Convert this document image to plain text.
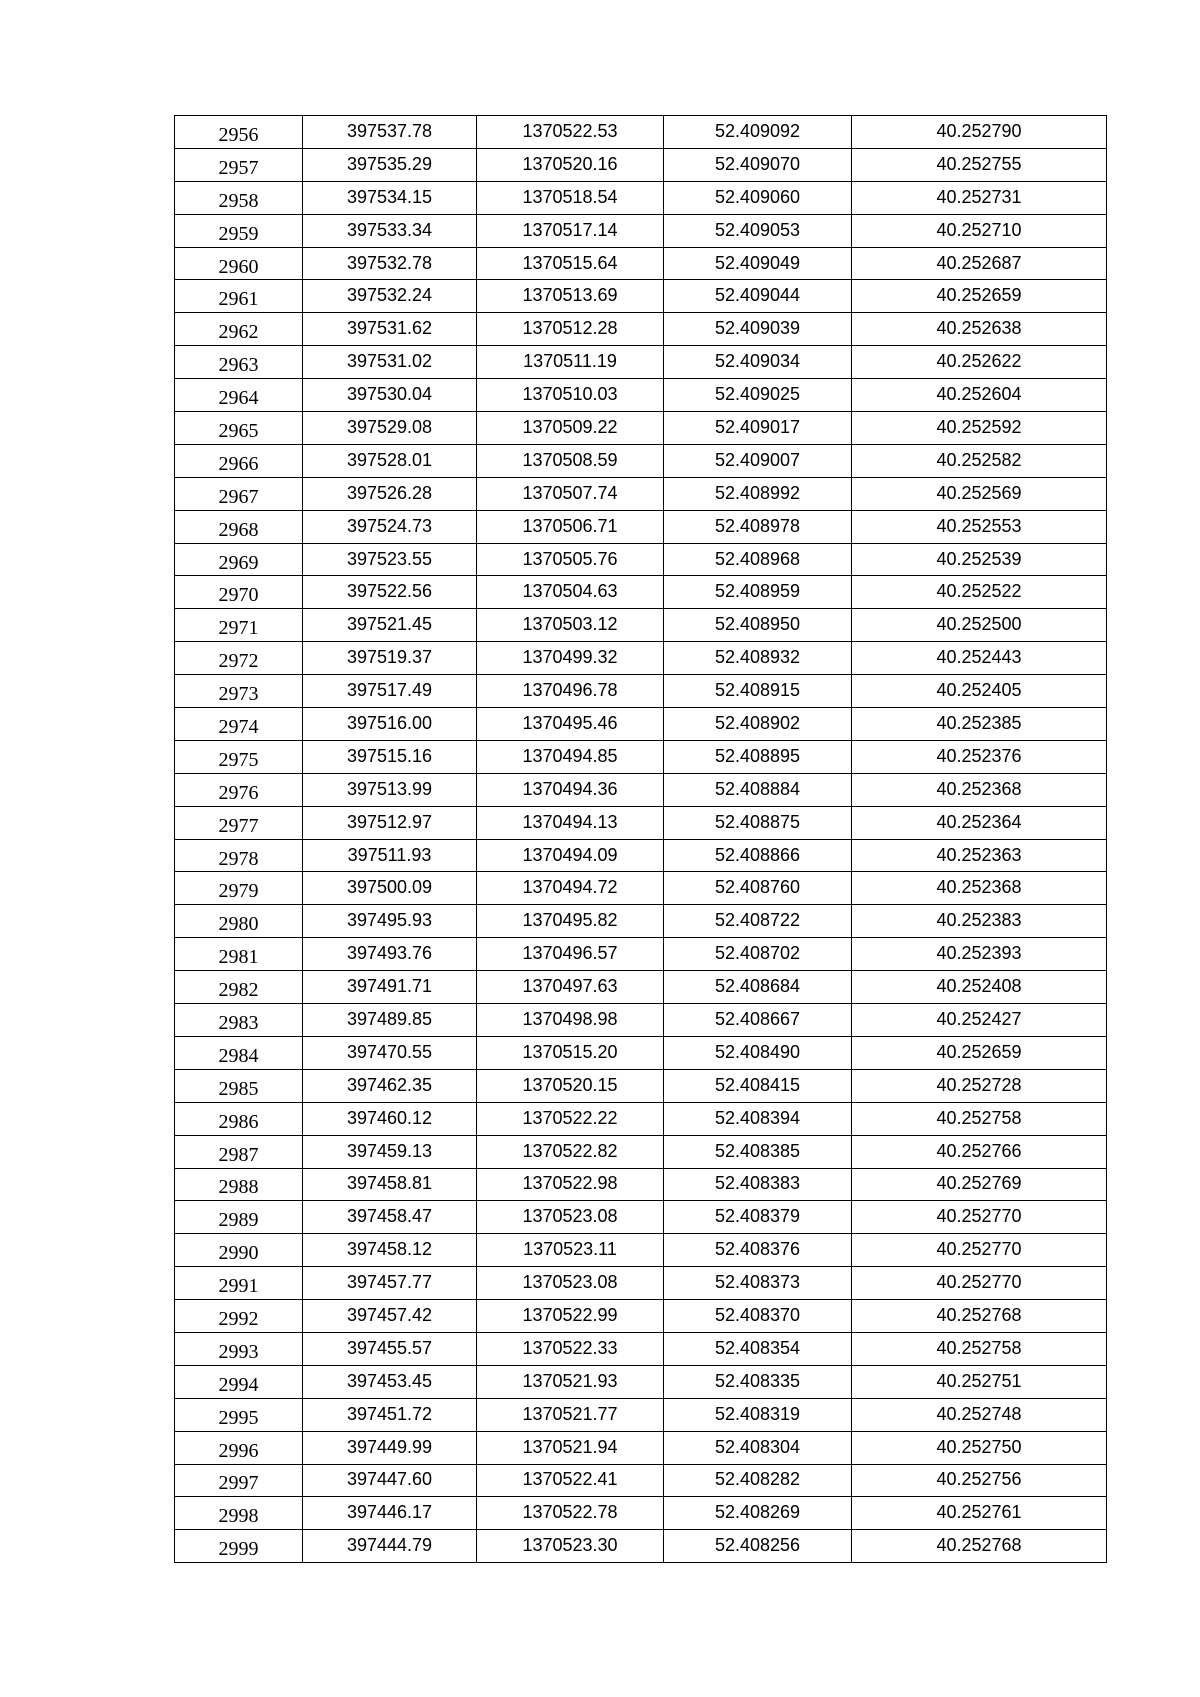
2956	397537.78	1370522.53	52.409092	40.252790
2957	397535.29	1370520.16	52.409070	40.252755
2958	397534.15	1370518.54	52.409060	40.252731
2959	397533.34	1370517.14	52.409053	40.252710
2960	397532.78	1370515.64	52.409049	40.252687
2961	397532.24	1370513.69	52.409044	40.252659
2962	397531.62	1370512.28	52.409039	40.252638
2963	397531.02	1370511.19	52.409034	40.252622
2964	397530.04	1370510.03	52.409025	40.252604
2965	397529.08	1370509.22	52.409017	40.252592
2966	397528.01	1370508.59	52.409007	40.252582
2967	397526.28	1370507.74	52.408992	40.252569
2968	397524.73	1370506.71	52.408978	40.252553
2969	397523.55	1370505.76	52.408968	40.252539
2970	397522.56	1370504.63	52.408959	40.252522
2971	397521.45	1370503.12	52.408950	40.252500
2972	397519.37	1370499.32	52.408932	40.252443
2973	397517.49	1370496.78	52.408915	40.252405
2974	397516.00	1370495.46	52.408902	40.252385
2975	397515.16	1370494.85	52.408895	40.252376
2976	397513.99	1370494.36	52.408884	40.252368
2977	397512.97	1370494.13	52.408875	40.252364
2978	397511.93	1370494.09	52.408866	40.252363
2979	397500.09	1370494.72	52.408760	40.252368
2980	397495.93	1370495.82	52.408722	40.252383
2981	397493.76	1370496.57	52.408702	40.252393
2982	397491.71	1370497.63	52.408684	40.252408
2983	397489.85	1370498.98	52.408667	40.252427
2984	397470.55	1370515.20	52.408490	40.252659
2985	397462.35	1370520.15	52.408415	40.252728
2986	397460.12	1370522.22	52.408394	40.252758
2987	397459.13	1370522.82	52.408385	40.252766
2988	397458.81	1370522.98	52.408383	40.252769
2989	397458.47	1370523.08	52.408379	40.252770
2990	397458.12	1370523.11	52.408376	40.252770
2991	397457.77	1370523.08	52.408373	40.252770
2992	397457.42	1370522.99	52.408370	40.252768
2993	397455.57	1370522.33	52.408354	40.252758
2994	397453.45	1370521.93	52.408335	40.252751
2995	397451.72	1370521.77	52.408319	40.252748
2996	397449.99	1370521.94	52.408304	40.252750
2997	397447.60	1370522.41	52.408282	40.252756
2998	397446.17	1370522.78	52.408269	40.252761
2999	397444.79	1370523.30	52.408256	40.252768
